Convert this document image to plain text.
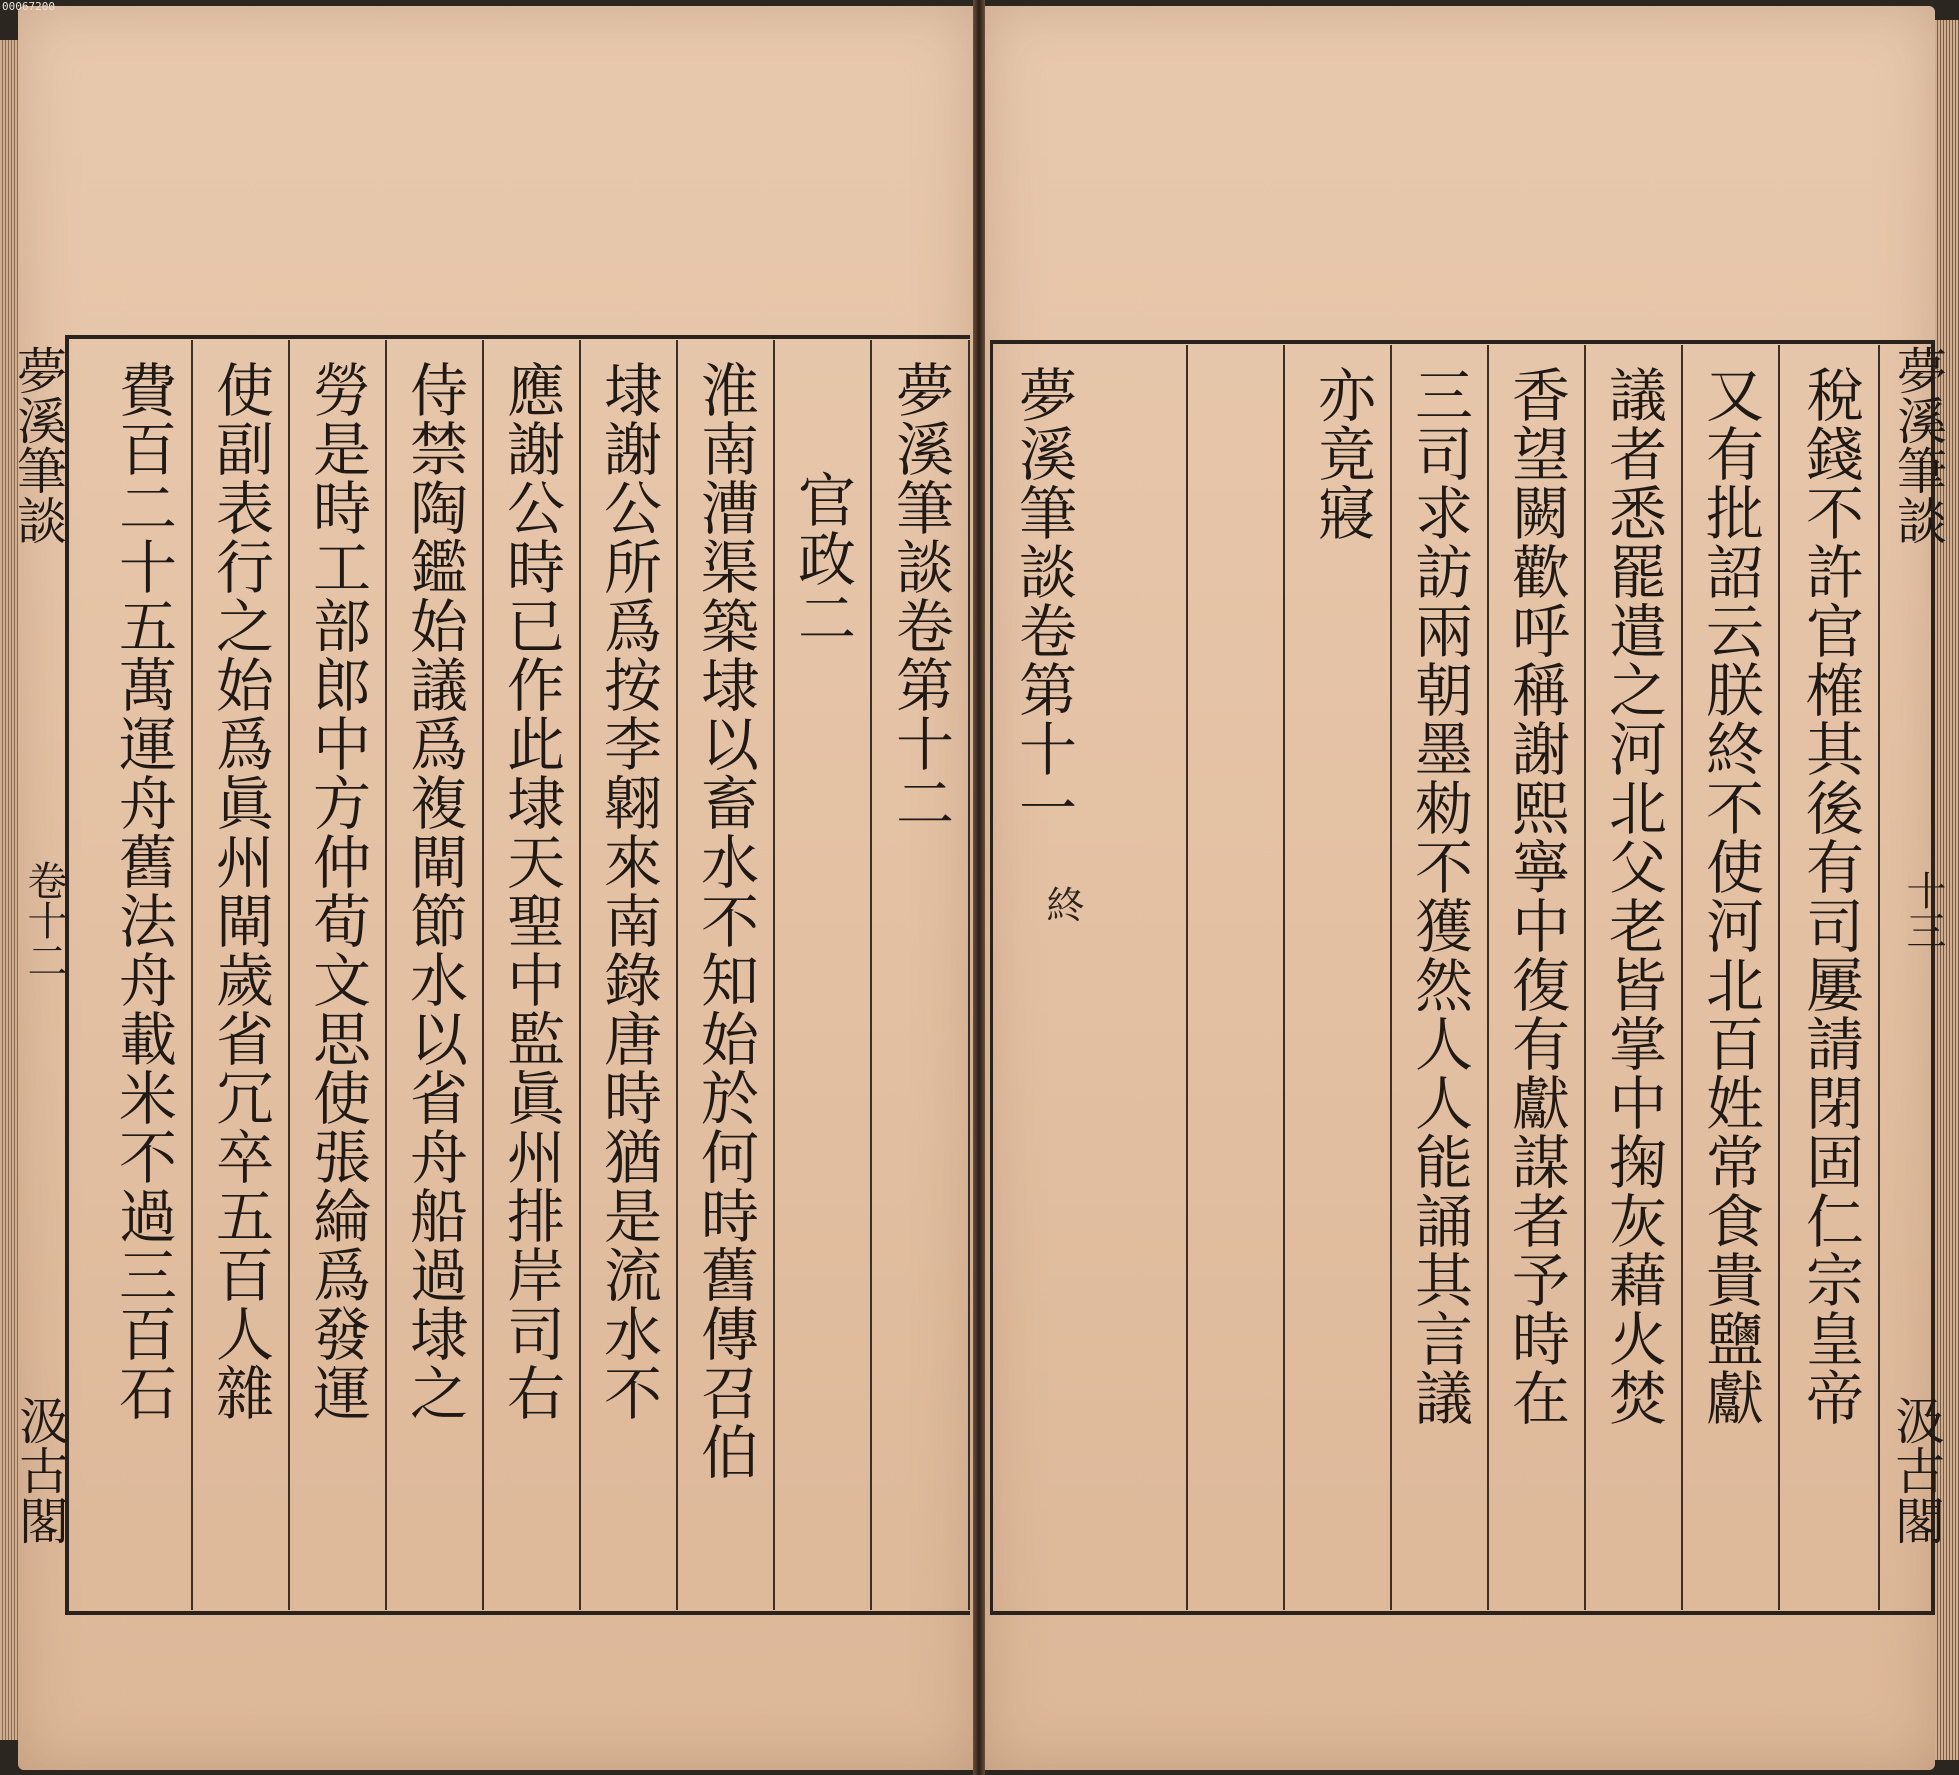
00067200
夢溪筆談
卷十二
汲古閣
夢溪筆談卷第十二
官政二
淮南漕渠築埭以畜水不知始於何時舊傳召伯
埭謝公所爲按李翺來南錄唐時猶是流水不
應謝公時已作此埭天聖中監眞州排岸司右
侍禁陶鑑始議爲複閘節水以省舟船過埭之
勞是時工部郎中方仲荀文思使張綸爲發運
使副表行之始爲眞州閘歲省冗卒五百人雜
費百二十五萬運舟舊法舟載米不過三百石	夢溪筆談
十三
汲古閣
稅錢不許官榷其後有司屢請閉固仁宗皇帝
又有批詔云朕終不使河北百姓常食貴鹽獻
議者悉罷遣之河北父老皆掌中掬灰藉火焚
香望闕歡呼稱謝熙寧中復有獻謀者予時在
三司求訪兩朝墨勑不獲然人人能誦其言議
亦竟寢
夢溪筆談卷第十一
終
